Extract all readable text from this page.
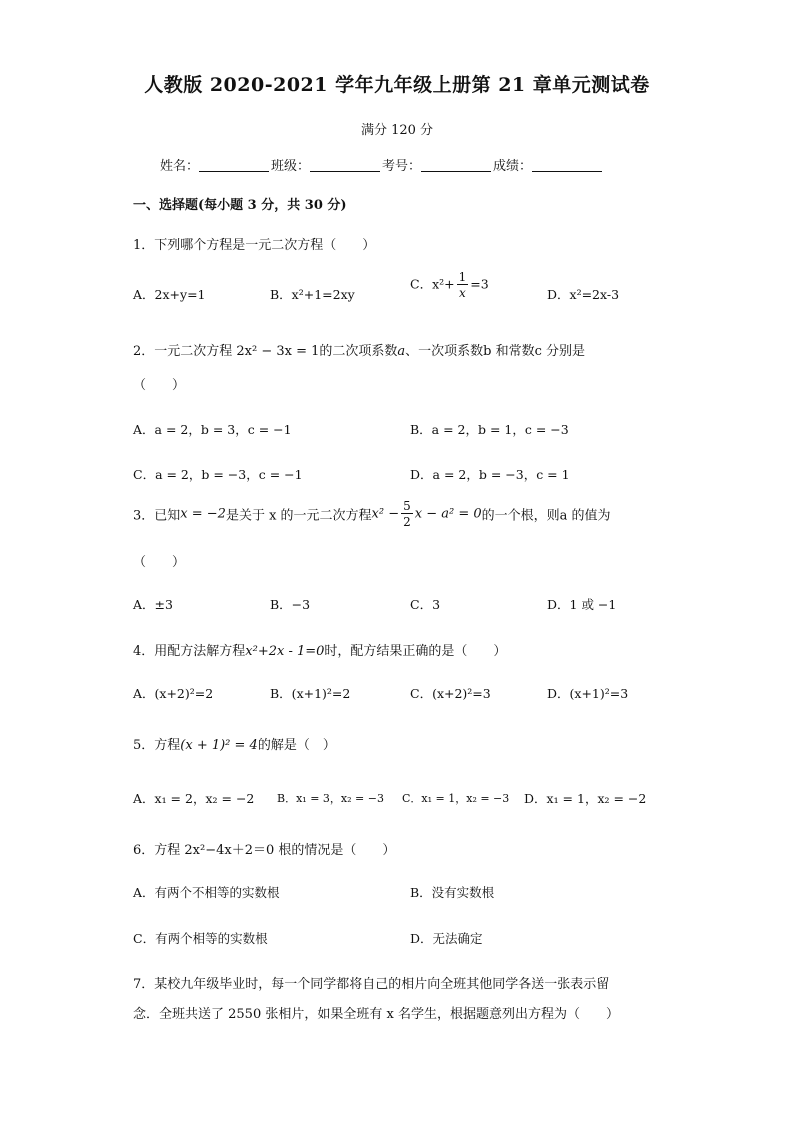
人教版 2020-2021 学年九年级上册第 21 章单元测试卷
满分 120 分
姓名：	班级：	考号：	成绩：
一、选择题(每小题 3 分，共 30 分)
1．下列哪个方程是一元二次方程（　　）
A．2x+y=1	B．x²+1=2xy
C．$x^2+ \frac{1}{x} =3$
D．x²=2x-3
2．一元二次方程 2x² − 3x = 1的二次项系数a、一次项系数b 和常数c 分别是
（　　）
A．a = 2，b = 3，c = −1	B．a = 2，b = 1，c = −3
C．a = 2，b = −3，c = −1	D．a = 2，b = −3，c = 1
3．已知x = −2是关于 x 的一元二次方程$x^2 - \frac{5}{2}$ x − a² = 0的一个根，则a 的值为
（　　）
A．±3	B．−3	C．3	D．1 或 −1
4．用配方法解方程x²+2x - 1=0时，配方结果正确的是（　　）
A．(x+2)²=2	B．(x+1)²=2	C．(x+2)²=3	D．(x+1)²=3
5．方程(x + 1)² = 4的解是（　）
A．x₁ = 2，x₂ = −2 B．x₁ = 3，x₂ = −3 C．x₁ = 1，x₂ = −3 D．x₁ = 1，x₂ = −2
6．方程 2x²−4x＋2＝0 根的情况是（　　）
A．有两个不相等的实数根	B．没有实数根
C．有两个相等的实数根	D．无法确定
7．某校九年级毕业时，每一个同学都将自己的相片向全班其他同学各送一张表示留
念．全班共送了 2550 张相片，如果全班有 x 名学生，根据题意列出方程为（　　）
